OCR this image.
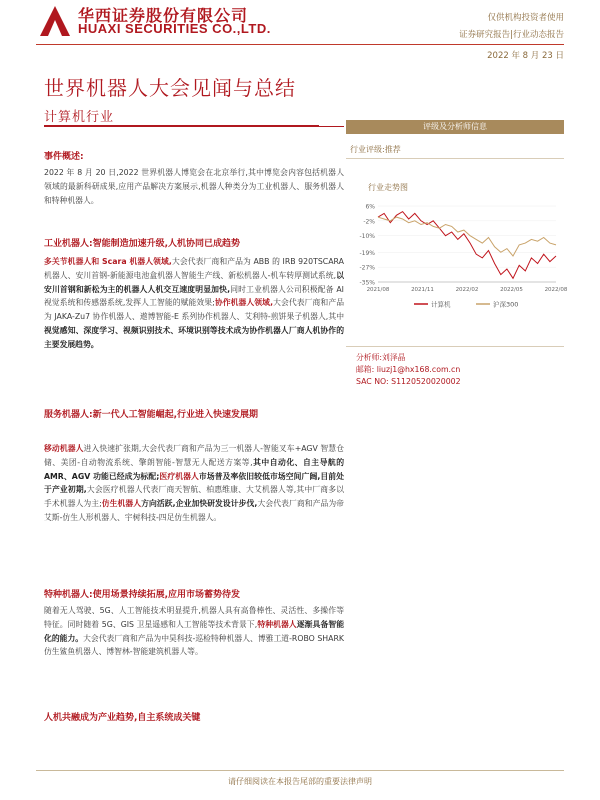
华西证券股份有限公司
HUAXI SECURITIES CO.,LTD.
仅供机构投资者使用
证券研究报告|行业动态报告
2022 年 8 月 23 日
世界机器人大会见闻与总结
计算机行业
事件概述:
2022 年 8 月 20 日,2022 世界机器人博览会在北京举行,其中博览会内容包括机器人领域的最新科研成果,应用产品解决方案展示,机器人种类分为工业机器人、服务机器人和特种机器人。
工业机器人:智能制造加速升级,人机协同已成趋势
多关节机器人和 Scara 机器人领域,大会代表厂商和产品为 ABB 的 IRB 920TSCARA 机器人、安川首钢-新能源电池盒机器人智能生产线、新松机器人-机车转厚测试系统,以安川首钢和新松为主的机器人人机交互速度明显加快,同时工业机器人公司积极配备 AI 视觉系统和传感器系统,发挥人工智能的赋能效果;协作机器人领域,大会代表厂商和产品为 JAKA-Zu7 协作机器人、遨博智能-E 系列协作机器人、艾利特-煎饼果子机器人,其中视觉感知、深度学习、视频识别技术、环境识别等技术成为协作机器人厂商人机协作的主要发展趋势。
服务机器人:新一代人工智能崛起,行业进入快速发展期
移动机器人进入快速扩张期,大会代表厂商和产品为三一机器人-智能叉车+AGV 智慧仓储、美团-自动物流系统、擎朗智能-智慧无人配送方案等,其中自动化、自主导航的 AMR、AGV 功能已经成为标配;医疗机器人市场普及率依旧较低市场空间广阔,目前处于产业初期,大会医疗机器人代表厂商天智航、柏惠维康、大艾机器人等,其中厂商多以手术机器人为主;仿生机器人方向活跃,企业加快研发设计步伐,大会代表厂商和产品为帝艾斯-仿生人形机器人、宇树科技-四足仿生机器人。
特种机器人:使用场景持续拓展,应用市场蓄势待发
随着无人驾驶、5G、人工智能技术明显提升,机器人具有高鲁棒性、灵活性、多操作等特征。同时随着 5G、GIS 卫星遥感和人工智能等技术背景下,特种机器人逐渐具备智能化的能力。大会代表厂商和产品为中昊科技-巡检特种机器人、博雅工道-ROBO SHARK 仿生鲨鱼机器人、博智林-智能建筑机器人等。
人机共融成为产业趋势,自主系统成关键
评级及分析师信息
行业评级:推荐
行业走势图
6%
-2%
-10%
-19%
-27%
-35%
2021/08	2021/11	2022/02	2022/05	2022/08
计算机	沪深300
分析师:刘泽晶
邮箱: liuzj1@hx168.com.cn
SAC NO: S1120520020002
请仔细阅读在本报告尾部的重要法律声明
